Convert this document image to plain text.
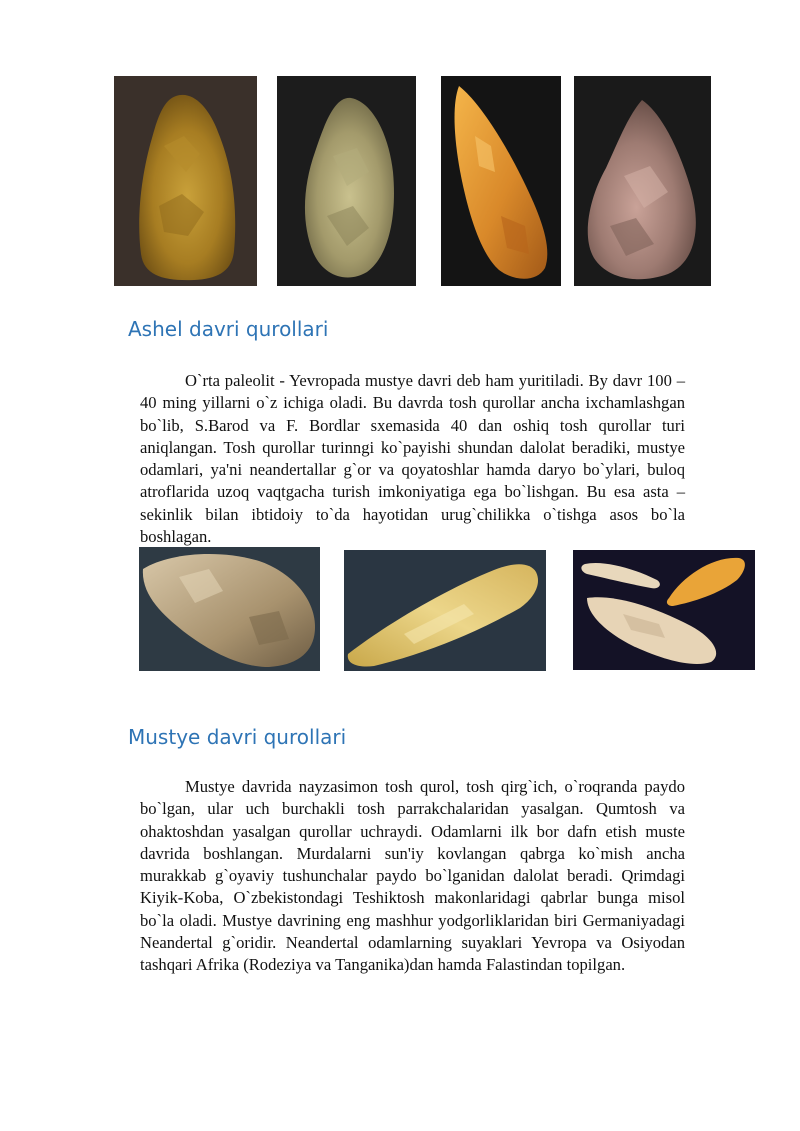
Ashel davri qurollari

O`rta paleolit - Yevropada mustye davri deb ham yuritiladi. By davr 100 – 40 ming yillarni o`z ichiga oladi. Bu davrda tosh qurollar ancha ixchamlashgan bo`lib, S.Barod va F. Bordlar sxemasida 40 dan oshiq tosh qurollar turi aniqlangan. Tosh qurollar turinngi ko`payishi shundan dalolat beradiki, mustye odamlari, ya'ni neandertallar g`or va qoyatoshlar hamda daryo bo`ylari, buloq atroflarida uzoq vaqtgacha turish imkoniyatiga ega bo`lishgan. Bu esa asta – sekinlik bilan ibtidoiy to`da hayotidan urug`chilikka o`tishga asos bo`la boshlagan.

Mustye davri qurollari

Mustye davrida nayzasimon tosh qurol, tosh qirg`ich, o`roqranda paydo bo`lgan, ular uch burchakli tosh parrakchalaridan yasalgan. Qumtosh va ohaktoshdan yasalgan qurollar uchraydi. Odamlarni ilk bor dafn etish muste davrida boshlangan. Murdalarni sun'iy kovlangan qabrga ko`mish ancha murakkab g`oyaviy tushunchalar paydo bo`lganidan dalolat beradi. Qrimdagi Kiyik-Koba, O`zbekistondagi Teshiktosh makonlaridagi qabrlar bunga misol bo`la oladi. Mustye davrining eng mashhur yodgorliklaridan biri Germaniyadagi Neandertal g`oridir. Neandertal odamlarning suyaklari Yevropa va Osiyodan tashqari Afrika (Rodeziya va Tanganika)dan hamda Falastindan topilgan.
